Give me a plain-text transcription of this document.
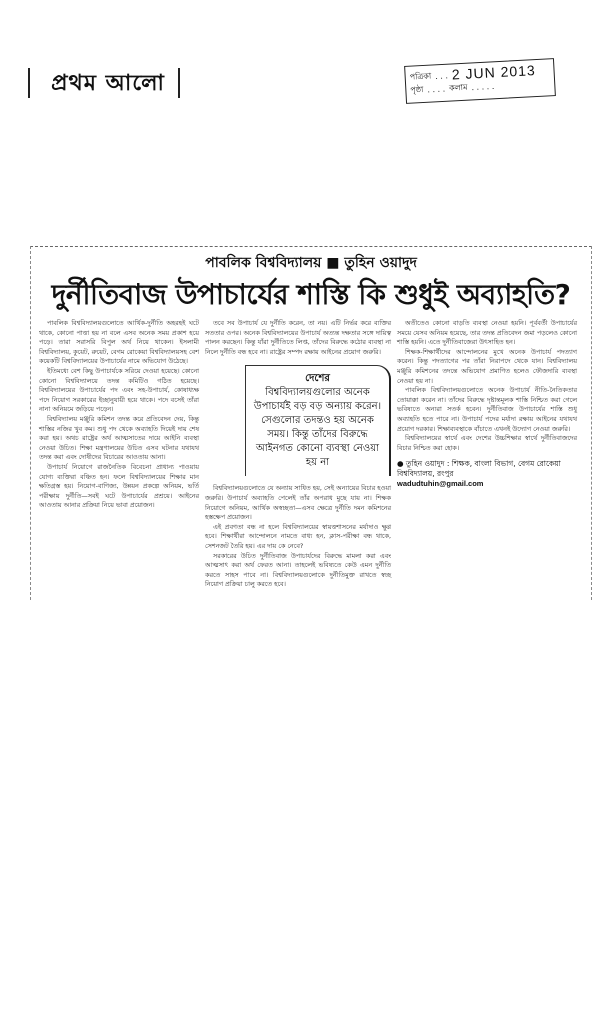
প্রথম আলো	পত্রিকা · · · 2 JUN 2013
পৃষ্ঠা · · · · কলাম · · · · ·
পাবলিক বিশ্ববিদ্যালয় ■ তুহিন ওয়াদুদ
দুর্নীতিবাজ উপাচার্যের শাস্তি কি শুধুই অব্যাহতি?

পাবলিক বিশ্ববিদ্যালয়গুলোতে আর্থিক-দুর্নীতি অহরহই ঘটে থাকে, কোনো পাত্তা হয় না বলে এসব অনেক সময় প্রকাশ হয়ে পড়ে। তারা সরাসরি বিপুল অর্থ নিয়ে থাকেন। ইসলামী বিশ্ববিদ্যালয়, কুয়েট, রুয়েট, বেগম রোকেয়া বিশ্ববিদ্যালয়সহ বেশ কয়েকটি বিশ্ববিদ্যালয়ের উপাচার্যের নামে অভিযোগ উঠেছে।

ইতিমধ্যে বেশ কিছু উপাচার্যকে সরিয়ে দেওয়া হয়েছে। কোনো কোনো বিশ্ববিদ্যালয়ে তদন্ত কমিটিও গঠিত হয়েছে। বিশ্ববিদ্যালয়ের উপাচার্যের পদ এবং সহ-উপাচার্য, কোষাধ্যক্ষ পদে নিয়োগ সরকারের ইচ্ছানুযায়ী হয়ে থাকে। পদে বসেই তাঁরা নানা অনিয়মে জড়িয়ে পড়েন।

বিশ্ববিদ্যালয় মঞ্জুরি কমিশন তদন্ত করে প্রতিবেদন দেয়, কিন্তু শাস্তির নজির খুব কম। শুধু পদ থেকে অব্যাহতি দিয়েই দায় শেষ করা হয়। অথচ রাষ্ট্রের অর্থ আত্মসাতের দায়ে আইনি ব্যবস্থা নেওয়া উচিত। শিক্ষা মন্ত্রণালয়ের উচিত এসব ঘটনার যথাযথ তদন্ত করা এবং দোষীদের বিচারের আওতায় আনা।

উপাচার্য নিয়োগে রাজনৈতিক বিবেচনা প্রাধান্য পাওয়ায় যোগ্য ব্যক্তিরা বঞ্চিত হন। ফলে বিশ্ববিদ্যালয়ের শিক্ষার মান ক্ষতিগ্রস্ত হয়। নিয়োগ-বাণিজ্য, উন্নয়ন প্রকল্পে অনিয়ম, ভর্তি পরীক্ষায় দুর্নীতি—সবই ঘটে উপাচার্যের প্রশ্রয়ে। আইনের আওতায় আনার প্রক্রিয়া নিয়ে ভাবা প্রয়োজন।

তবে সব উপাচার্য যে দুর্নীতি করেন, তা নয়। এটি নির্ভর করে ব্যক্তির সততার ওপর। অনেক বিশ্ববিদ্যালয়ের উপাচার্য অত্যন্ত দক্ষতার সঙ্গে দায়িত্ব পালন করছেন। কিন্তু যাঁরা দুর্নীতিতে লিপ্ত, তাঁদের বিরুদ্ধে কঠোর ব্যবস্থা না নিলে দুর্নীতি বন্ধ হবে না। রাষ্ট্রের সম্পদ রক্ষায় আইনের প্রয়োগ জরুরি।

দেশের
বিশ্ববিদ্যালয়গুলোর অনেক উপাচার্যই বড় বড় অন্যায় করেন। সেগুলোর তদন্তও হয় অনেক সময়। কিন্তু তাঁদের বিরুদ্ধে আইনগত কোনো ব্যবস্থা নেওয়া হয় না

বিশ্ববিদ্যালয়গুলোতে যে অন্যায় সাধিত হয়, সেই অন্যায়ের বিচার হওয়া জরুরি। উপাচার্য অব্যাহতি পেলেই তাঁর অপরাধ মুছে যায় না। শিক্ষক নিয়োগে অনিয়ম, আর্থিক অস্বচ্ছতা—এসব ক্ষেত্রে দুর্নীতি দমন কমিশনের হস্তক্ষেপ প্রয়োজন।

এই প্রবণতা বন্ধ না হলে বিশ্ববিদ্যালয়ের স্বায়ত্তশাসনের মর্যাদাও ক্ষুণ্ণ হবে। শিক্ষার্থীরা আন্দোলনে নামতে বাধ্য হন, ক্লাস-পরীক্ষা বন্ধ থাকে, সেশনজট তৈরি হয়। এর দায় কে নেবে?

সরকারের উচিত দুর্নীতিবাজ উপাচার্যদের বিরুদ্ধে মামলা করা এবং আত্মসাৎ করা অর্থ ফেরত আনা। তাহলেই ভবিষ্যতে কেউ এমন দুর্নীতি করতে সাহস পাবে না। বিশ্ববিদ্যালয়গুলোকে দুর্নীতিমুক্ত রাখতে স্বচ্ছ নিয়োগ প্রক্রিয়া চালু করতে হবে।

অতীতেও কোনো বাড়তি ব্যবস্থা নেওয়া হয়নি। পূর্ববর্তী উপাচার্যের সময়ে যেসব অনিয়ম হয়েছে, তার তদন্ত প্রতিবেদন জমা পড়লেও কোনো শাস্তি হয়নি। এতে দুর্নীতিবাজেরা উৎসাহিত হন।

শিক্ষক-শিক্ষার্থীদের আন্দোলনের মুখে অনেক উপাচার্য পদত্যাগ করেন। কিন্তু পদত্যাগের পর তাঁরা নিরাপদে থেকে যান। বিশ্ববিদ্যালয় মঞ্জুরি কমিশনের তদন্তে অভিযোগ প্রমাণিত হলেও ফৌজদারি ব্যবস্থা নেওয়া হয় না।

পাবলিক বিশ্ববিদ্যালয়গুলোতে অনেক উপাচার্য নীতি-নৈতিকতার তোয়াক্কা করেন না। তাঁদের বিরুদ্ধে দৃষ্টান্তমূলক শাস্তি নিশ্চিত করা গেলে ভবিষ্যতে অন্যরা সতর্ক হবেন। দুর্নীতিবাজ উপাচার্যের শাস্তি শুধু অব্যাহতি হতে পারে না। উপাচার্য পদের মর্যাদা রক্ষায় আইনের যথাযথ প্রয়োগ দরকার। শিক্ষাব্যবস্থাকে বাঁচাতে এখনই উদ্যোগ নেওয়া জরুরি।

বিশ্ববিদ্যালয়ের স্বার্থে এবং দেশের উচ্চশিক্ষার স্বার্থে দুর্নীতিবাজদের বিচার নিশ্চিত করা হোক।

● তুহিন ওয়াদুদ : শিক্ষক, বাংলা বিভাগ, বেগম রোকেয়া বিশ্ববিদ্যালয়, রংপুর
wadudtuhin@gmail.com
